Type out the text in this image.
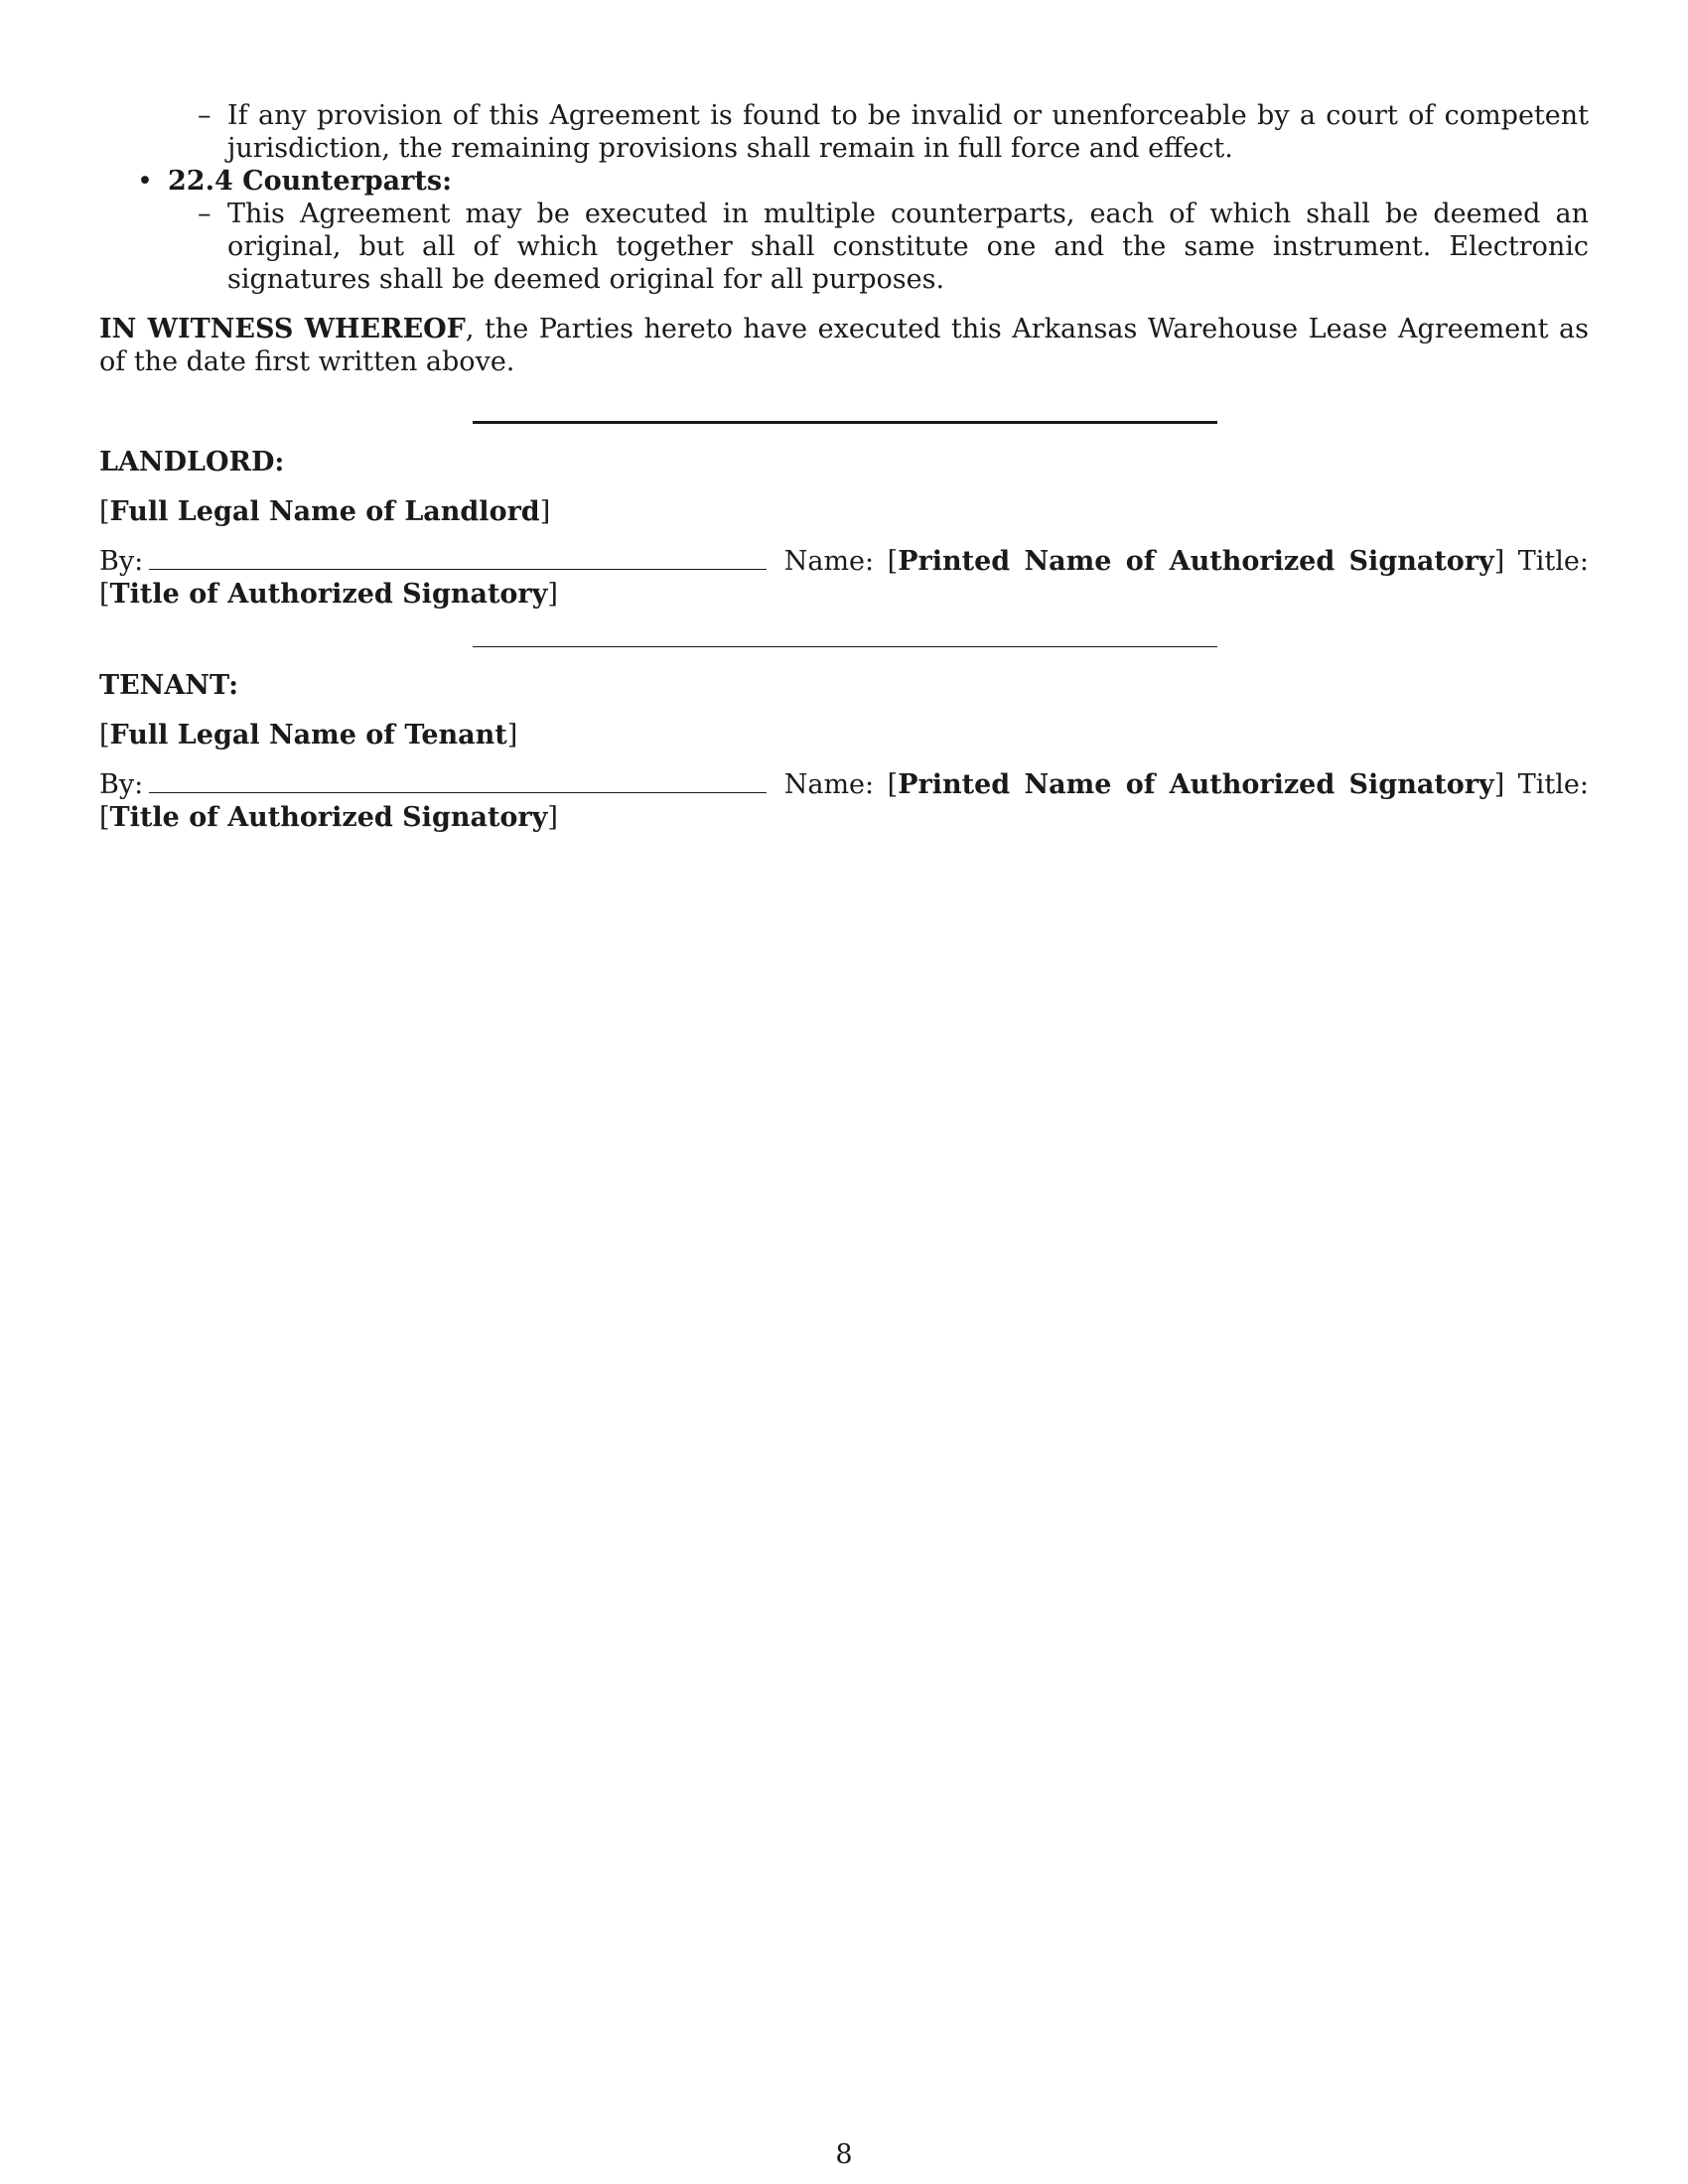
– If any provision of this Agreement is found to be invalid or unenforceable by a court of competent jurisdiction, the remaining provisions shall remain in full force and effect.
• 22.4 Counterparts:
– This Agreement may be executed in multiple counterparts, each of which shall be deemed an original, but all of which together shall constitute one and the same instrument. Electronic signatures shall be deemed original for all purposes.
IN WITNESS WHEREOF, the Parties hereto have executed this Arkansas Warehouse Lease Agreement as of the date first written above.
LANDLORD:
[Full Legal Name of Landlord]
By:	Name: [Printed Name of Authorized Signatory] Title: [Title of Authorized Signatory]
TENANT:
[Full Legal Name of Tenant]
By:	Name: [Printed Name of Authorized Signatory] Title: [Title of Authorized Signatory]
8
